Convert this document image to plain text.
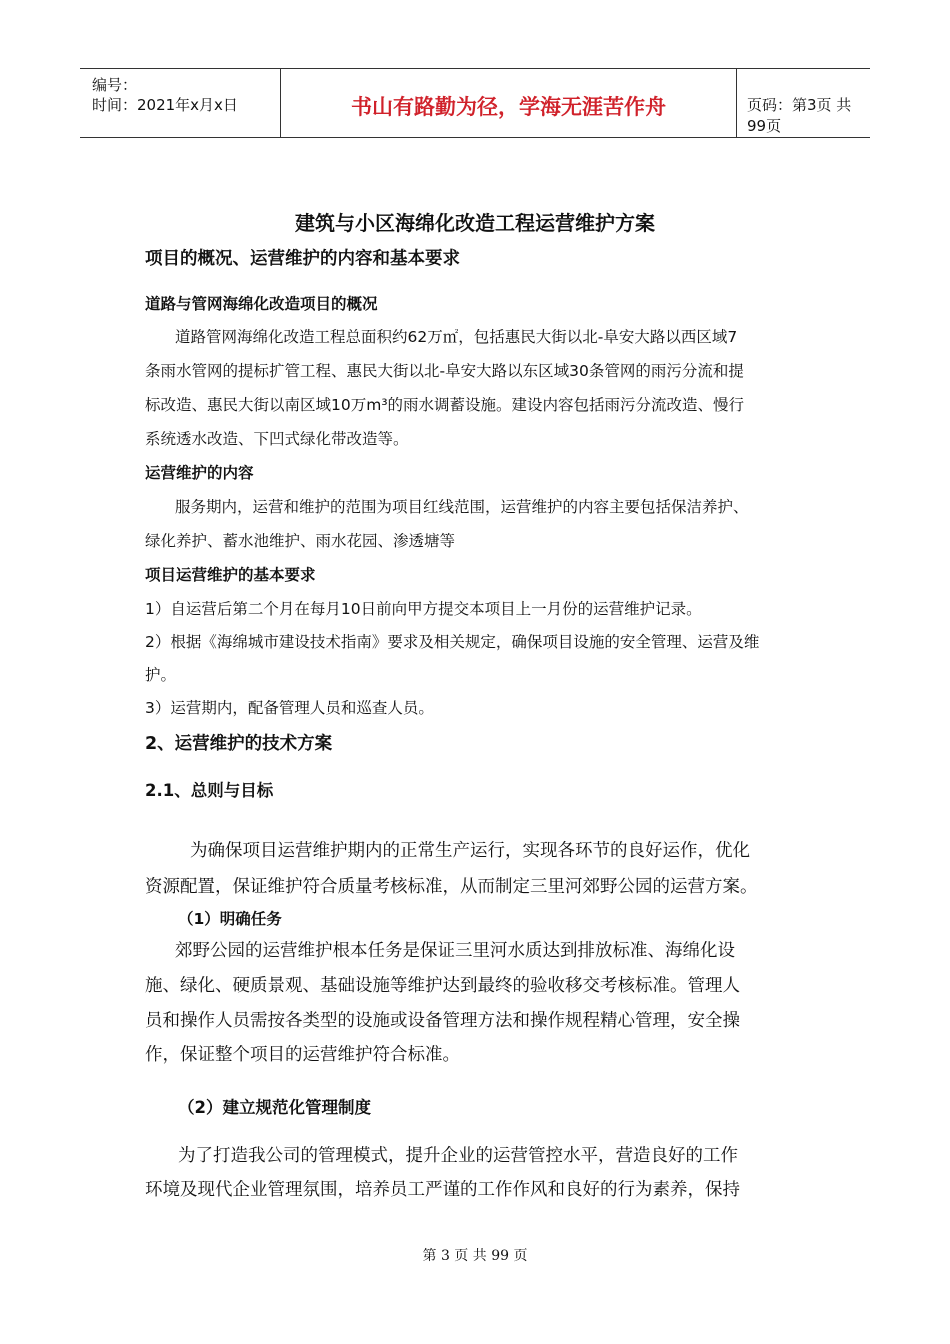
编号：
时间：2021年x月x日	书山有路勤为径，学海无涯苦作舟	页码：第3页 共99页
建筑与小区海绵化改造工程运营维护方案
项目的概况、运营维护的内容和基本要求
道路与管网海绵化改造项目的概况
道路管网海绵化改造工程总面积约62万㎡，包括惠民大街以北-阜安大路以西区域7
条雨水管网的提标扩管工程、惠民大街以北-阜安大路以东区域30条管网的雨污分流和提
标改造、惠民大街以南区域10万m³的雨水调蓄设施。建设内容包括雨污分流改造、慢行
系统透水改造、下凹式绿化带改造等。
运营维护的内容
服务期内，运营和维护的范围为项目红线范围，运营维护的内容主要包括保洁养护、
绿化养护、蓄水池维护、雨水花园、渗透塘等
项目运营维护的基本要求
1）自运营后第二个月在每月10日前向甲方提交本项目上一月份的运营维护记录。
2）根据《海绵城市建设技术指南》要求及相关规定，确保项目设施的安全管理、运营及维
护。
3）运营期内，配备管理人员和巡查人员。
2、运营维护的技术方案
2.1、总则与目标
为确保项目运营维护期内的正常生产运行，实现各环节的良好运作，优化
资源配置，保证维护符合质量考核标准，从而制定三里河郊野公园的运营方案。
（1）明确任务
郊野公园的运营维护根本任务是保证三里河水质达到排放标准、海绵化设
施、绿化、硬质景观、基础设施等维护达到最终的验收移交考核标准。管理人
员和操作人员需按各类型的设施或设备管理方法和操作规程精心管理，安全操
作，保证整个项目的运营维护符合标准。
（2）建立规范化管理制度
为了打造我公司的管理模式，提升企业的运营管控水平，营造良好的工作
环境及现代企业管理氛围，培养员工严谨的工作作风和良好的行为素养，保持
第 3 页 共 99 页
